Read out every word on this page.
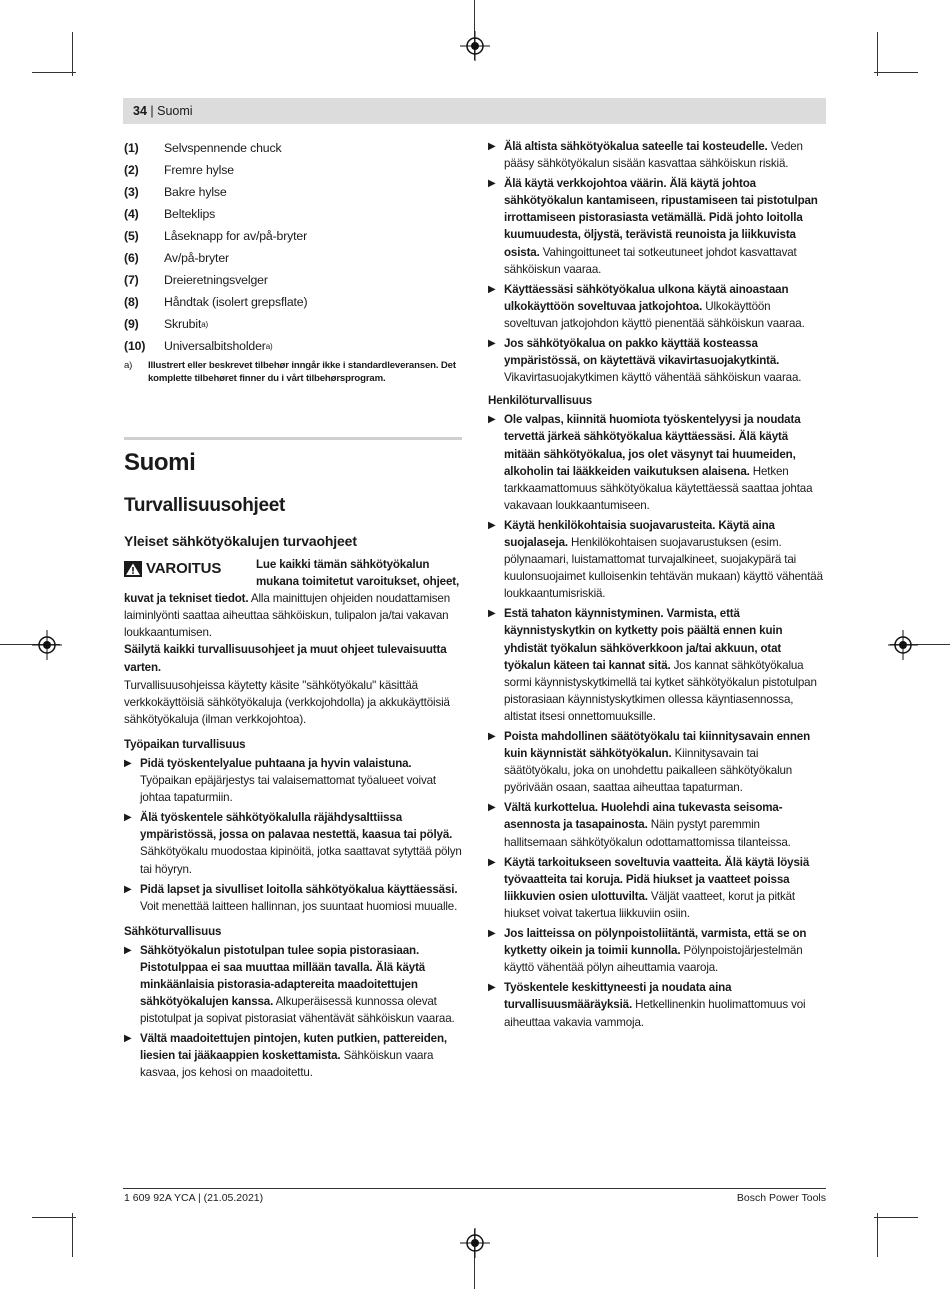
34 | Suomi
(1)	Selvspennende chuck
(2)	Fremre hylse
(3)	Bakre hylse
(4)	Belteklips
(5)	Låseknapp for av/på-bryter
(6)	Av/på-bryter
(7)	Dreieretningsvelger
(8)	Håndtak (isolert grepsflate)
(9)	Skrubit a)
(10)	Universalbitsholder a)
a)	Illustrert eller beskrevet tilbehør inngår ikke i standardleveransen. Det komplette tilbehøret finner du i vårt tilbehørsprogram.
Suomi
Turvallisuusohjeet
Yleiset sähkötyökalujen turvaohjeet
VAROITUS	Lue kaikki tämän sähkötyökalun mukana toimitetut varoitukset, ohjeet, kuvat ja tekniset tiedot. Alla mainittujen ohjeiden noudattamisen laiminlyönti saattaa aiheuttaa sähköiskun, tulipalon ja/tai vakavan loukkaantumisen.

Säilytä kaikki turvallisuusohjeet ja muut ohjeet tulevaisuutta varten.

Turvallisuusohjeissa käytetty käsite "sähkötyökalu" käsittää verkkokäyttöisiä sähkötyökaluja (verkkojohdolla) ja akkukäyttöisiä sähkötyökaluja (ilman verkkojohtoa).

Työpaikan turvallisuus
▶ Pidä työskentelyalue puhtaana ja hyvin valaistuna. Työpaikan epäjärjestys tai valaisemattomat työalueet voivat johtaa tapaturmiin.
▶ Älä työskentele sähkötyökalulla räjähdysalttiissa ympäristössä, jossa on palavaa nestettä, kaasua tai pölyä. Sähkötyökalu muodostaa kipinöitä, jotka saattavat sytyttää pölyn tai höyryn.
▶ Pidä lapset ja sivulliset loitolla sähkötyökalua käyttäessäsi. Voit menettää laitteen hallinnan, jos suuntaat huomiosi muualle.
Sähköturvallisuus
▶ Sähkötyökalun pistotulpan tulee sopia pistorasiaan. Pistotulppaa ei saa muuttaa millään tavalla. Älä käytä minkäänlaisia pistorasia-adaptereita maadoitettujen sähkötyökalujen kanssa. Alkuperäisessä kunnossa olevat pistotulpat ja sopivat pistorasiat vähentävät sähköiskun vaaraa.
▶ Vältä maadoitettujen pintojen, kuten putkien, pattereiden, liesien tai jääkaappien koskettamista. Sähköiskun vaara kasvaa, jos kehosi on maadoitettu.
▶ Älä altista sähkötyökalua sateelle tai kosteudelle. Veden pääsy sähkötyökalun sisään kasvattaa sähköiskun riskiä.
▶ Älä käytä verkkojohtoa väärin. Älä käytä johtoa sähkötyökalun kantamiseen, ripustamiseen tai pistotulpan irrottamiseen pistorasiasta vetämällä. Pidä johto loitolla kuumuudesta, öljystä, terävistä reunoista ja liikkuvista osista. Vahingoittuneet tai sotkeutuneet johdot kasvattavat sähköiskun vaaraa.
▶ Käyttäessäsi sähkötyökalua ulkona käytä ainoastaan ulkokäyttöön soveltuvaa jatkojohtoa. Ulkokäyttöön soveltuvan jatkojohdon käyttö pienentää sähköiskun vaaraa.
▶ Jos sähkötyökalua on pakko käyttää kosteassa ympäristössä, on käytettävä vikavirtasuojakytkintä. Vikavirtasuojakytkimen käyttö vähentää sähköiskun vaaraa.
Henkilöturvallisuus
▶ Ole valpas, kiinnitä huomiota työskentelyysi ja noudata tervettä järkeä sähkötyökalua käyttäessäsi. Älä käytä mitään sähkötyökalua, jos olet väsynyt tai huumeiden, alkoholin tai lääkkeiden vaikutuksen alaisena. Hetken tarkkaamattomuus sähkötyökalua käytettäessä saattaa johtaa vakavaan loukkaantumiseen.
▶ Käytä henkilökohtaisia suojavarusteita. Käytä aina suojalaseja. Henkilökohtaisen suojavarustuksen (esim. pölynaamari, luistamattomat turvajalkineet, suojakypärä tai kuulonsuojaimet kulloisenkin tehtävän mukaan) käyttö vähentää loukkaantumisriskiä.
▶ Estä tahaton käynnistyminen. Varmista, että käynnistyskytkin on kytketty pois päältä ennen kuin yhdistät työkalun sähköverkkoon ja/tai akkuun, otat työkalun käteen tai kannat sitä. Jos kannat sähkötyökalua sormi käynnistyskytkimellä tai kytket sähkötyökalun pistotulpan pistorasiaan käynnistyskytkimen ollessa käyntiasennossa, altistat itsesi onnettomuuksille.
▶ Poista mahdollinen säätötyökalu tai kiinnitysavain ennen kuin käynnistät sähkötyökalun. Kiinnitysavain tai säätötyökalu, joka on unohdettu paikalleen sähkötyökalun pyörivään osaan, saattaa aiheuttaa tapaturman.
▶ Vältä kurkottelua. Huolehdi aina tukevasta seisoma-asennosta ja tasapainosta. Näin pystyt paremmin hallitsemaan sähkötyökalun odottamattomissa tilanteissa.
▶ Käytä tarkoitukseen soveltuvia vaatteita. Älä käytä löysiä työvaatteita tai koruja. Pidä hiukset ja vaatteet poissa liikkuvien osien ulottuvilta. Väljät vaatteet, korut ja pitkät hiukset voivat takertua liikkuviin osiin.
▶ Jos laitteissa on pölynpoistoliitäntä, varmista, että se on kytketty oikein ja toimii kunnolla. Pölynpoistojärjestelmän käyttö vähentää pölyn aiheuttamia vaaroja.
▶ Työskentele keskittyneesti ja noudata aina turvallisuusmääräyksiä. Hetkellinenkin huolimattomuus voi aiheuttaa vakavia vammoja.
1 609 92A YCA | (21.05.2021)	Bosch Power Tools
